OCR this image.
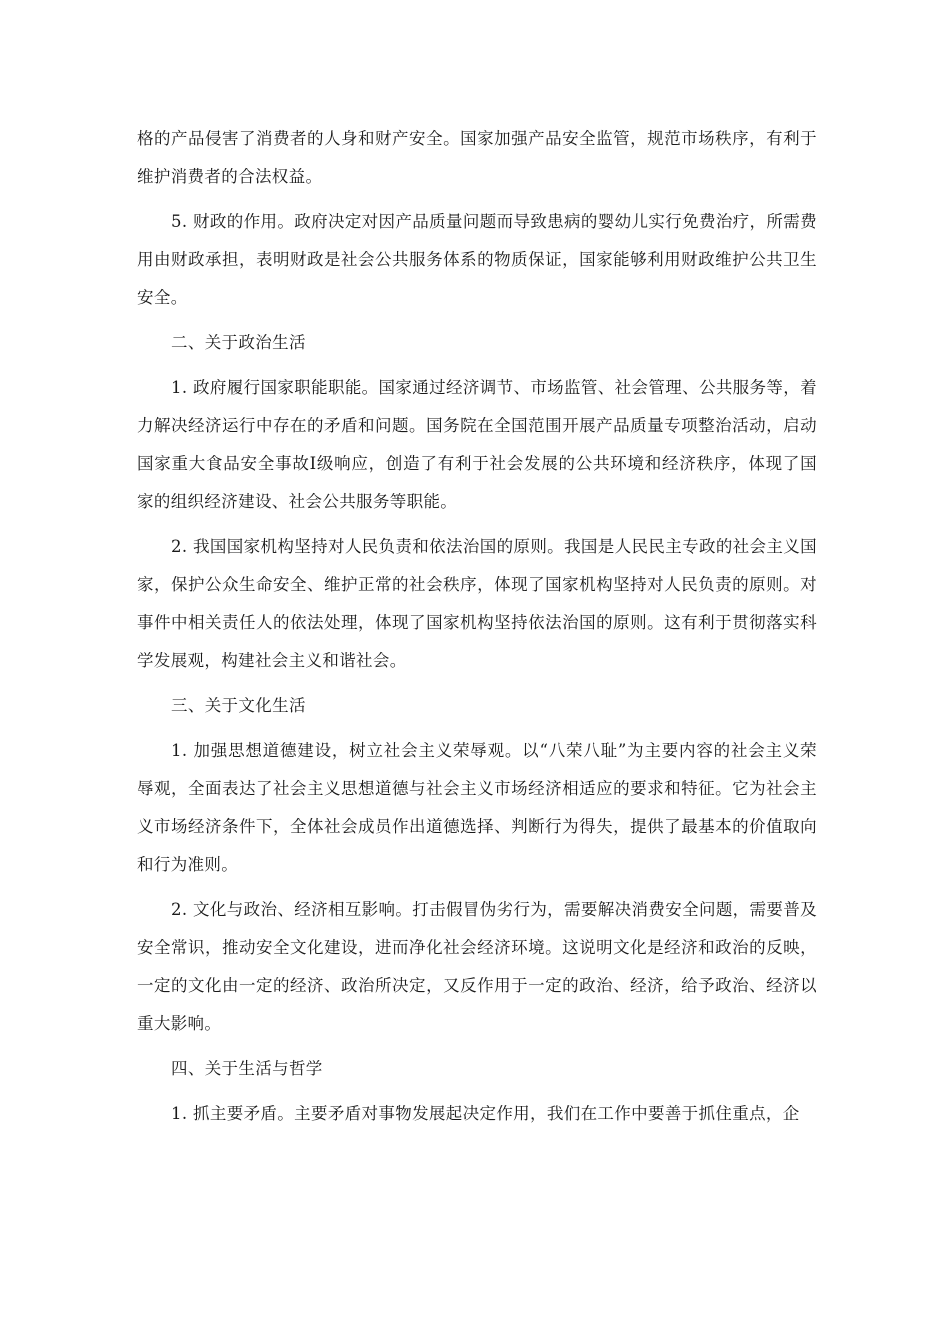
格的产品侵害了消费者的人身和财产安全。国家加强产品安全监管，规范市场秩序，有利于维护消费者的合法权益。

5. 财政的作用。政府决定对因产品质量问题而导致患病的婴幼儿实行免费治疗，所需费用由财政承担，表明财政是社会公共服务体系的物质保证，国家能够利用财政维护公共卫生安全。

二、关于政治生活

1. 政府履行国家职能职能。国家通过经济调节、市场监管、社会管理、公共服务等，着力解决经济运行中存在的矛盾和问题。国务院在全国范围开展产品质量专项整治活动，启动国家重大食品安全事故Ⅰ级响应，创造了有利于社会发展的公共环境和经济秩序，体现了国家的组织经济建设、社会公共服务等职能。

2. 我国国家机构坚持对人民负责和依法治国的原则。我国是人民民主专政的社会主义国家，保护公众生命安全、维护正常的社会秩序，体现了国家机构坚持对人民负责的原则。对事件中相关责任人的依法处理，体现了国家机构坚持依法治国的原则。这有利于贯彻落实科学发展观，构建社会主义和谐社会。

三、关于文化生活

1. 加强思想道德建设，树立社会主义荣辱观。以“八荣八耻”为主要内容的社会主义荣辱观，全面表达了社会主义思想道德与社会主义市场经济相适应的要求和特征。它为社会主义市场经济条件下，全体社会成员作出道德选择、判断行为得失，提供了最基本的价值取向和行为准则。

2. 文化与政治、经济相互影响。打击假冒伪劣行为，需要解决消费安全问题，需要普及安全常识，推动安全文化建设，进而净化社会经济环境。这说明文化是经济和政治的反映，一定的文化由一定的经济、政治所决定，又反作用于一定的政治、经济，给予政治、经济以重大影响。

四、关于生活与哲学

1. 抓主要矛盾。主要矛盾对事物发展起决定作用，我们在工作中要善于抓住重点，企
